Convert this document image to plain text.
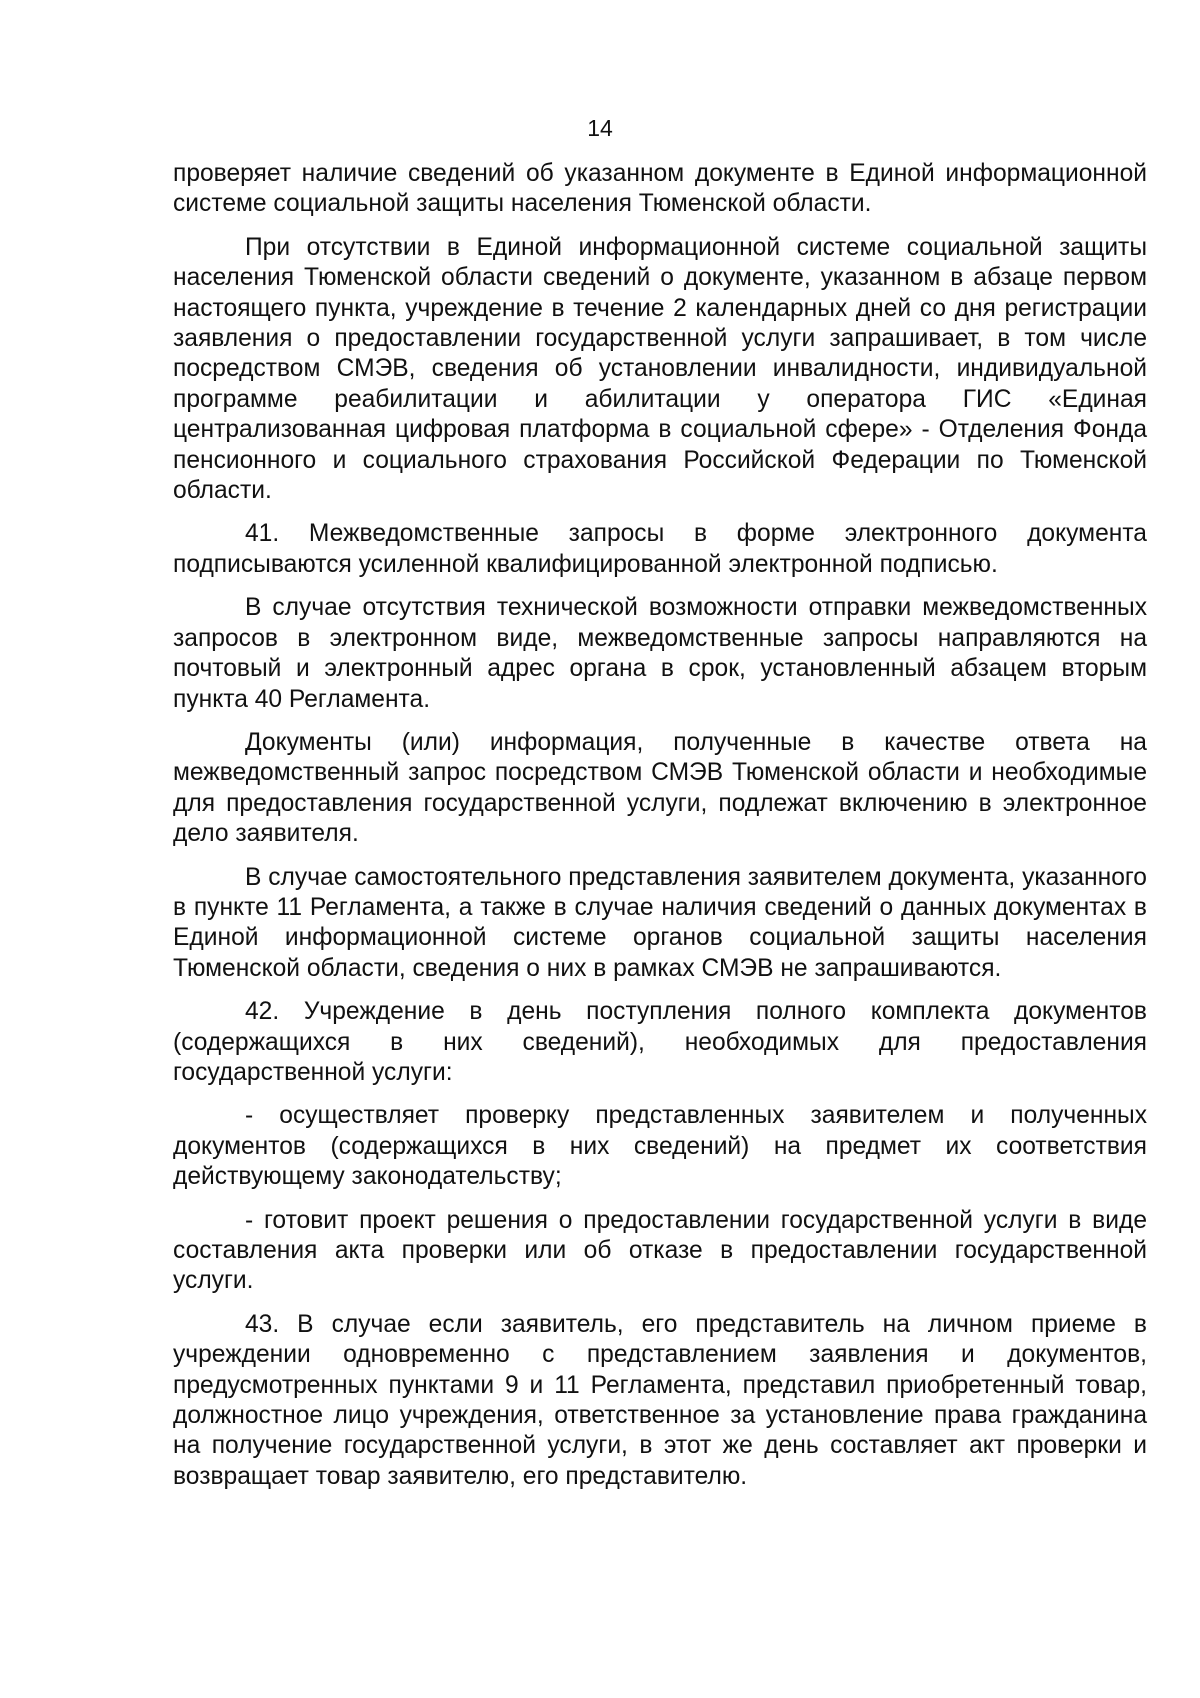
14

проверяет наличие сведений об указанном документе в Единой информационной системе социальной защиты населения Тюменской области.

При отсутствии в Единой информационной системе социальной защиты населения Тюменской области сведений о документе, указанном в абзаце первом настоящего пункта, учреждение в течение 2 календарных дней со дня регистрации заявления о предоставлении государственной услуги запрашивает, в том числе посредством СМЭВ, сведения об установлении инвалидности, индивидуальной программе реабилитации и абилитации у оператора ГИС «Единая централизованная цифровая платформа в социальной сфере» - Отделения Фонда пенсионного и социального страхования Российской Федерации по Тюменской области.

41. Межведомственные запросы в форме электронного документа подписываются усиленной квалифицированной электронной подписью.

В случае отсутствия технической возможности отправки межведомственных запросов в электронном виде, межведомственные запросы направляются на почтовый и электронный адрес органа в срок, установленный абзацем вторым пункта 40 Регламента.

Документы (или) информация, полученные в качестве ответа на межведомственный запрос посредством СМЭВ Тюменской области и необходимые для предоставления государственной услуги, подлежат включению в электронное дело заявителя.

В случае самостоятельного представления заявителем документа, указанного в пункте 11 Регламента, а также в случае наличия сведений о данных документах в Единой информационной системе органов социальной защиты населения Тюменской области, сведения о них в рамках СМЭВ не запрашиваются.

42. Учреждение в день поступления полного комплекта документов (содержащихся в них сведений), необходимых для предоставления государственной услуги:

- осуществляет проверку представленных заявителем и полученных документов (содержащихся в них сведений) на предмет их соответствия действующему законодательству;

- готовит проект решения о предоставлении государственной услуги в виде составления акта проверки или об отказе в предоставлении государственной услуги.

43. В случае если заявитель, его представитель на личном приеме в учреждении одновременно с представлением заявления и документов, предусмотренных пунктами 9 и 11 Регламента, представил приобретенный товар, должностное лицо учреждения, ответственное за установление права гражданина на получение государственной услуги, в этот же день составляет акт проверки и возвращает товар заявителю, его представителю.
